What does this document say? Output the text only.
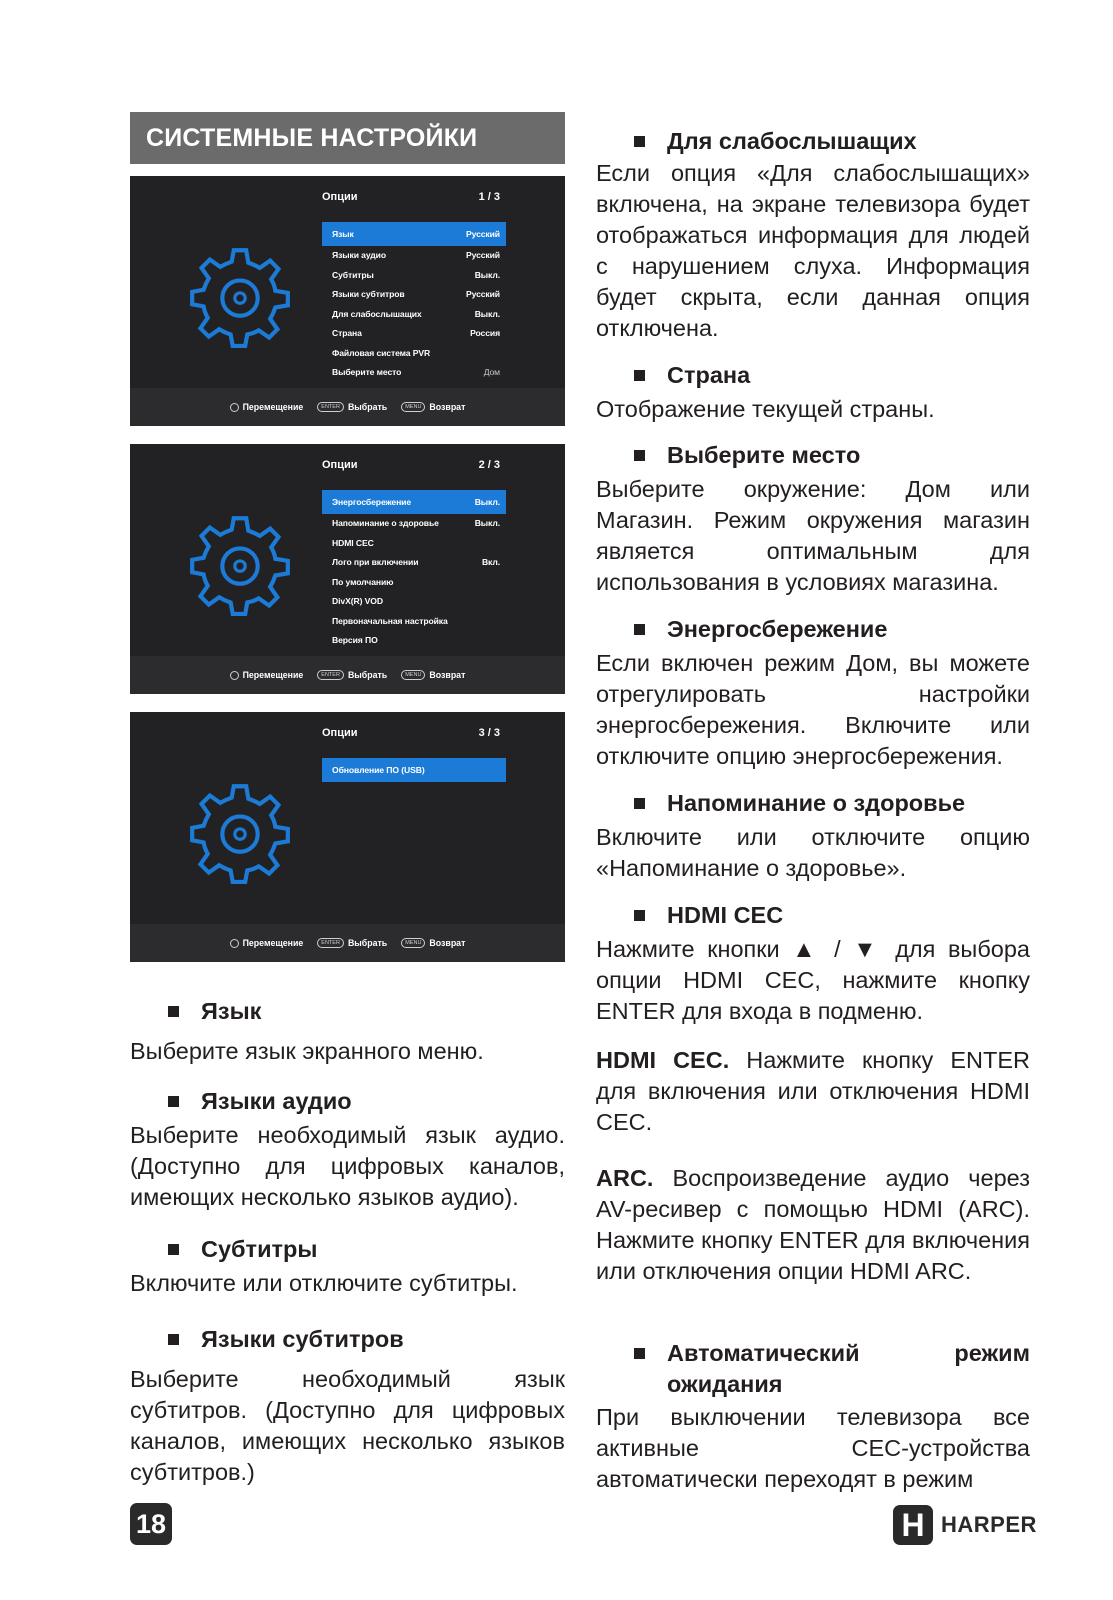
СИСТЕМНЫЕ НАСТРОЙКИ
Опции	1 / 3
Язык	Русский
Языки аудио	Русский
Субтитры	Выкл.
Языки субтитров	Русский
Для слабослышащих	Выкл.
Страна	Россия
Файловая система PVR
Выберите место	Дом
Перемещение	ENTER Выбрать	MENU Возврат
Опции	2 / 3
Энергосбережение	Выкл.
Напоминание о здоровье	Выкл.
HDMI CEC
Лого при включении	Вкл.
По умолчанию
DivX(R) VOD
Первоначальная настройка
Версия ПО
Перемещение	ENTER Выбрать	MENU Возврат
Опции	3 / 3
Обновление ПО (USB)
Перемещение	ENTER Выбрать	MENU Возврат
Язык
Выберите язык экранного меню.
Языки аудио
Выберите необходимый язык аудио. (Доступно для цифровых каналов, имеющих несколько языков аудио).
Субтитры
Включите или отключите субтитры.
Языки субтитров
Выберите необходимый язык субтитров. (Доступно для цифровых каналов, имеющих несколько языков субтитров.)
Для слабослышащих
Если опция «Для слабослышащих» включена, на экране телевизора будет отображаться информация для людей с нарушением слуха. Информация будет скрыта, если данная опция отключена.
Страна
Отображение текущей страны.
Выберите место
Выберите окружение: Дом или Магазин. Режим окружения магазин является оптимальным для использования в условиях магазина.
Энергосбережение
Если включен режим Дом, вы можете отрегулировать настройки энергосбережения. Включите или отключите опцию энергосбережения.
Напоминание о здоровье
Включите или отключите опцию «Напоминание о здоровье».
HDMI CEC
Нажмите кнопки ▲ / ▼ для выбора опции HDMI CEC, нажмите кнопку ENTER для входа в подменю.
HDMI CEC. Нажмите кнопку ENTER для включения или отключения HDMI CEC.
ARC. Воспроизведение аудио через AV-ресивер с помощью HDMI (ARC). Нажмите кнопку ENTER для включения или отключения опции HDMI ARC.
Автоматический режим ожидания
При выключении телевизора все активные CEC-устройства автоматически переходят в режим
18	H HARPER
